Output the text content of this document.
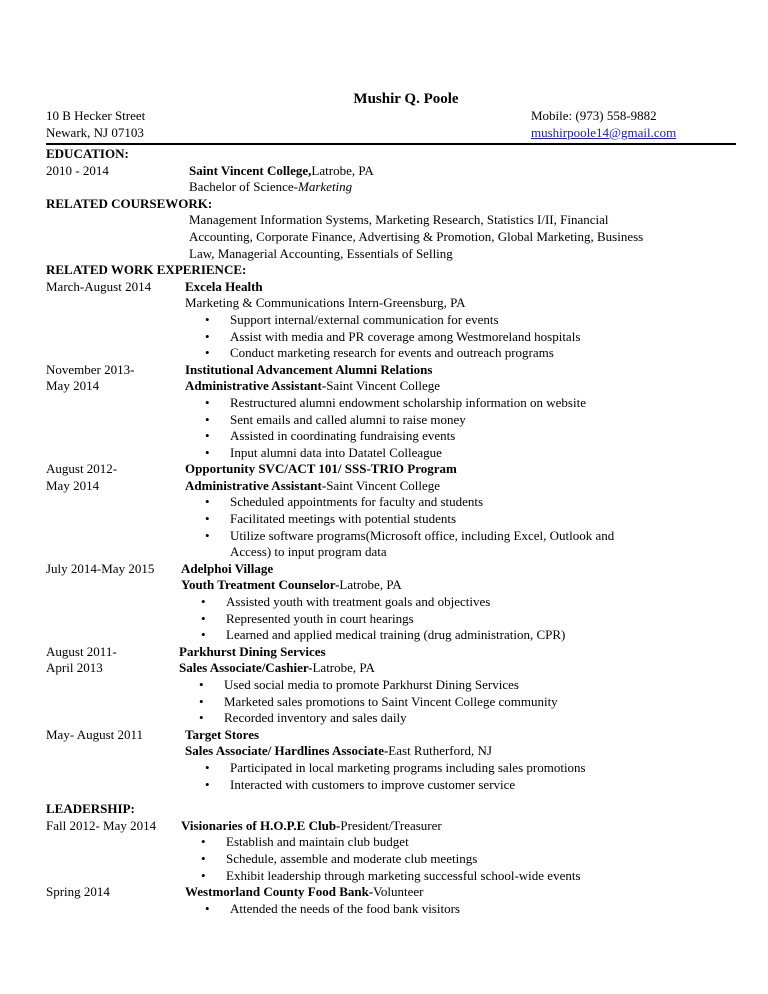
Mushir Q. Poole
10 B Hecker Street
Newark, NJ 07103
Mobile: (973) 558-9882
mushirpoole14@gmail.com
EDUCATION:
2010 - 2014	Saint Vincent College,Latrobe, PA
Bachelor of Science-Marketing
RELATED COURSEWORK:
Management Information Systems, Marketing Research, Statistics I/II, Financial Accounting, Corporate Finance, Advertising & Promotion, Global Marketing, Business Law, Managerial Accounting, Essentials of Selling
RELATED WORK EXPERIENCE:
March-August 2014	Excela Health
Marketing & Communications Intern-Greensburg, PA
• Support internal/external communication for events
• Assist with media and PR coverage among Westmoreland hospitals
• Conduct marketing research for events and outreach programs
November 2013-
May 2014
Institutional Advancement Alumni Relations
Administrative Assistant-Saint Vincent College
• Restructured alumni endowment scholarship information on website
• Sent emails and called alumni to raise money
• Assisted in coordinating fundraising events
• Input alumni data into Datatel Colleague
August 2012-
May 2014
Opportunity SVC/ACT 101/ SSS-TRIO Program
Administrative Assistant-Saint Vincent College
• Scheduled appointments for faculty and students
• Facilitated meetings with potential students
• Utilize software programs(Microsoft office, including Excel, Outlook and Access) to input program data
July 2014-May 2015 Adelphoi Village
Youth Treatment Counselor-Latrobe, PA
• Assisted youth with treatment goals and objectives
• Represented youth in court hearings
• Learned and applied medical training (drug administration, CPR)
August 2011-
April 2013
Parkhurst Dining Services
Sales Associate/Cashier-Latrobe, PA
• Used social media to promote Parkhurst Dining Services
• Marketed sales promotions to Saint Vincent College community
• Recorded inventory and sales daily
May- August 2011	Target Stores
Sales Associate/ Hardlines Associate-East Rutherford, NJ
• Participated in local marketing programs including sales promotions
• Interacted with customers to improve customer service
LEADERSHIP:
Fall 2012- May 2014 Visionaries of H.O.P.E Club-President/Treasurer
• Establish and maintain club budget
• Schedule, assemble and moderate club meetings
• Exhibit leadership through marketing successful school-wide events
Spring 2014	Westmorland County Food Bank-Volunteer
• Attended the needs of the food bank visitors
